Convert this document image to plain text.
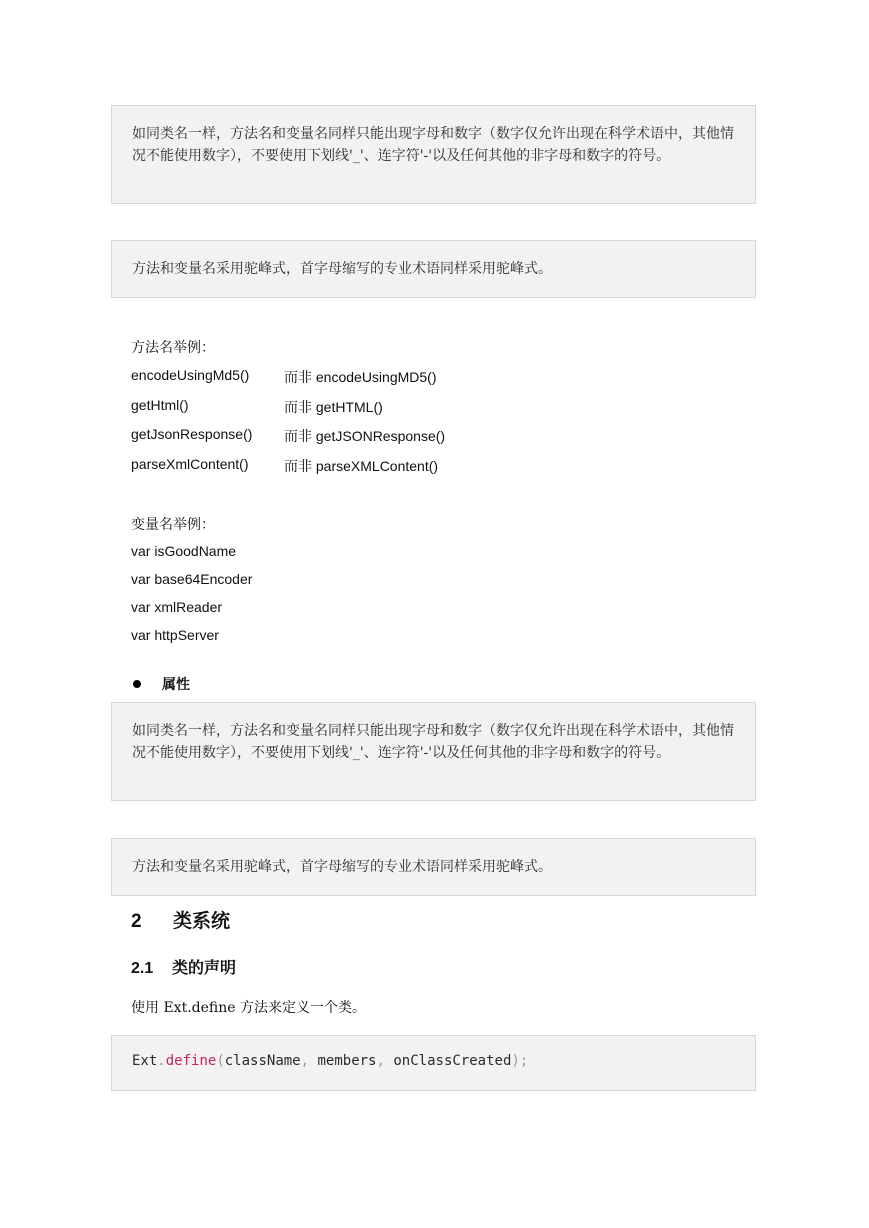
如同类名一样，方法名和变量名同样只能出现字母和数字（数字仅允许出现在科学术语中，其他情况不能使用数字），不要使用下划线'_'、连字符'-'以及任何其他的非字母和数字的符号。
方法和变量名采用驼峰式，首字母缩写的专业术语同样采用驼峰式。
方法名举例：
encodeUsingMd5() 而非 encodeUsingMD5()
getHtml()	而非 getHTML()
getJsonResponse() 而非 getJSONResponse()
parseXmlContent()	而非 parseXMLContent()
变量名举例：
var isGoodName
var base64Encoder
var xmlReader
var httpServer
属性
如同类名一样，方法名和变量名同样只能出现字母和数字（数字仅允许出现在科学术语中，其他情况不能使用数字），不要使用下划线'_'、连字符'-'以及任何其他的非字母和数字的符号。
方法和变量名采用驼峰式，首字母缩写的专业术语同样采用驼峰式。
2 类系统
2.1 类的声明
使用 Ext.define 方法来定义一个类。
Ext.define(className, members, onClassCreated);
